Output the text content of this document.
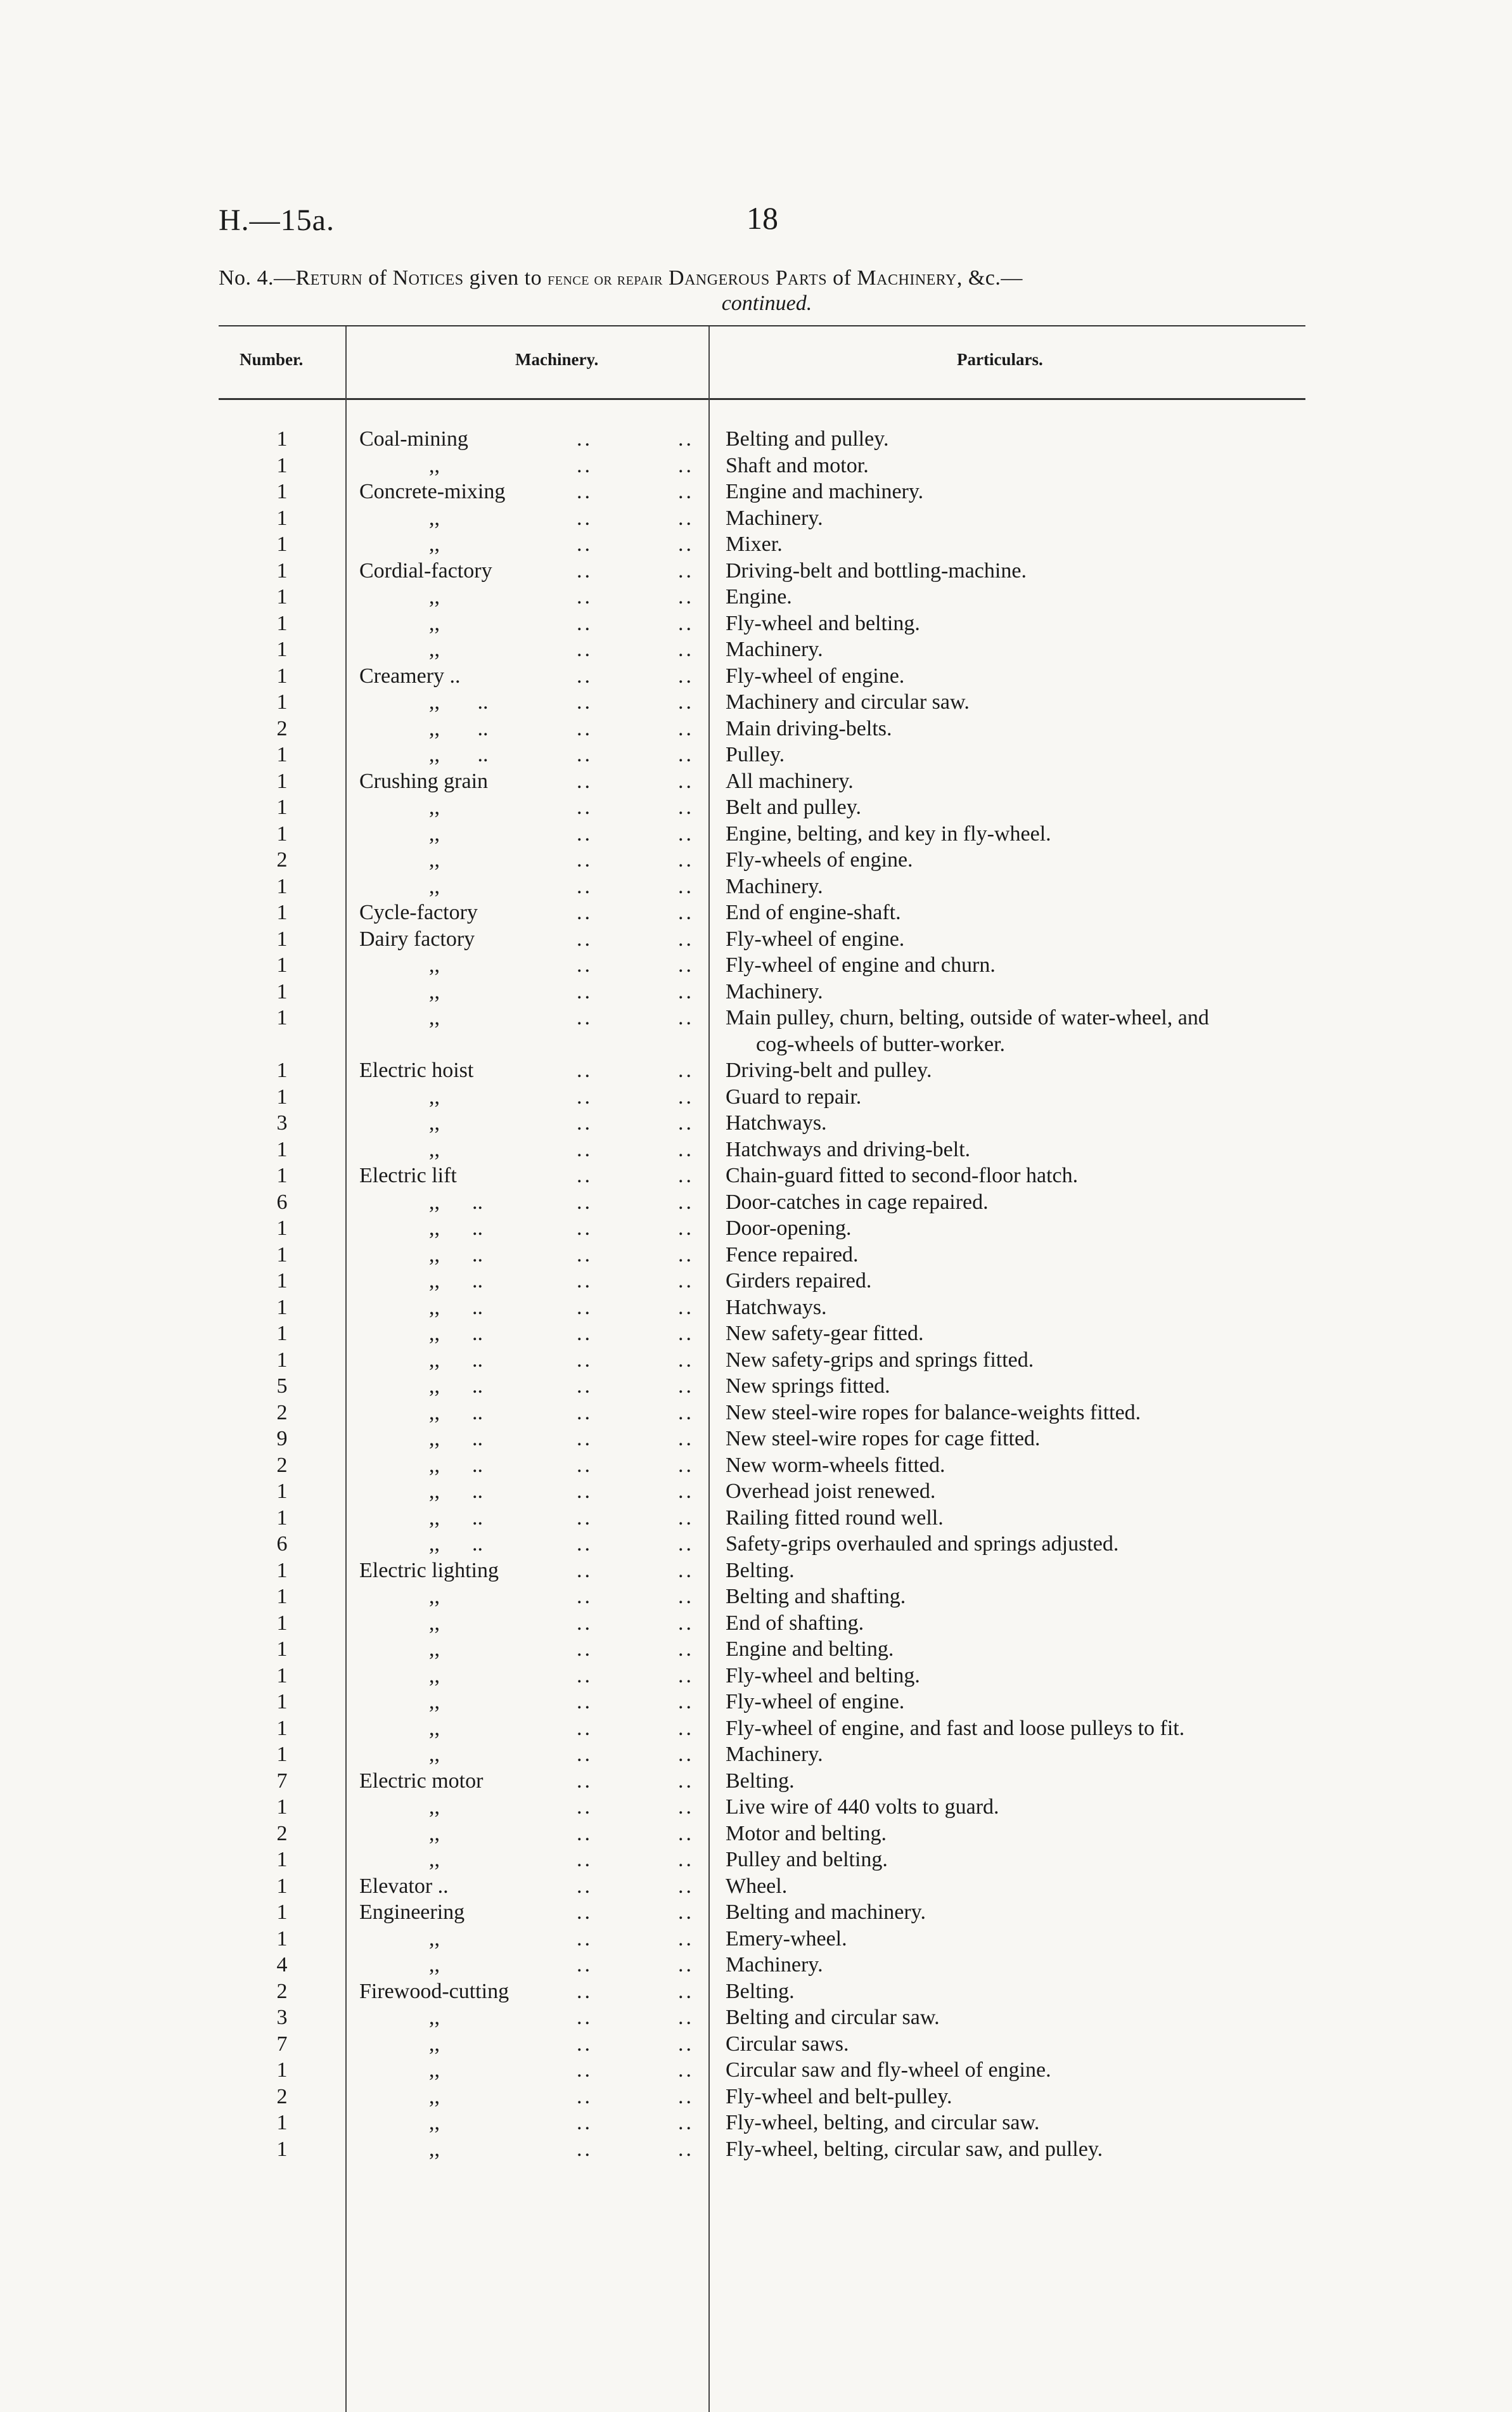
H.—15a.	18
No. 4.—Return of Notices given to fence or repair Dangerous Parts of Machinery, &c.—
continued.
Number.	Machinery.	Particulars.
1	Coal-mining	..	.. Belting and pulley.
1	,,	..	.. Shaft and motor.
1	Concrete-mixing	..	.. Engine and machinery.
1	,,	..	.. Machinery.
1	,,	..	.. Mixer.
1	Cordial-factory	..	.. Driving-belt and bottling-machine.
1	,,	..	.. Engine.
1	,,	..	.. Fly-wheel and belting.
1	,,	..	.. Machinery.
1	Creamery ..	..	.. Fly-wheel of engine.
1	,,       ..	..	.. Machinery and circular saw.
2	,,       ..	..	.. Main driving-belts.
1	,,       ..	..	.. Pulley.
1	Crushing grain	..	.. All machinery.
1	,,	..	.. Belt and pulley.
1	,,	..	.. Engine, belting, and key in fly-wheel.
2	,,	..	.. Fly-wheels of engine.
1	,,	..	.. Machinery.
1	Cycle-factory	..	.. End of engine-shaft.
1	Dairy factory	..	.. Fly-wheel of engine.
1	,,	..	.. Fly-wheel of engine and churn.
1	,,	..	.. Machinery.
1	,,	..	.. Main pulley, churn, belting, outside of water-wheel, and
cog-wheels of butter-worker.
1	Electric hoist	..	.. Driving-belt and pulley.
1	,,	..	.. Guard to repair.
3	,,	..	.. Hatchways.
1	,,	..	.. Hatchways and driving-belt.
1	Electric lift	..	.. Chain-guard fitted to second-floor hatch.
6	,,      ..	..	.. Door-catches in cage repaired.
1	,,      ..	..	.. Door-opening.
1	,,      ..	..	.. Fence repaired.
1	,,      ..	..	.. Girders repaired.
1	,,      ..	..	.. Hatchways.
1	,,      ..	..	.. New safety-gear fitted.
1	,,      ..	..	.. New safety-grips and springs fitted.
5	,,      ..	..	.. New springs fitted.
2	,,      ..	..	.. New steel-wire ropes for balance-weights fitted.
9	,,      ..	..	.. New steel-wire ropes for cage fitted.
2	,,      ..	..	.. New worm-wheels fitted.
1	,,      ..	..	.. Overhead joist renewed.
1	,,      ..	..	.. Railing fitted round well.
6	,,      ..	..	.. Safety-grips overhauled and springs adjusted.
1	Electric lighting	..	.. Belting.
1	,,	..	.. Belting and shafting.
1	,,	..	.. End of shafting.
1	,,	..	.. Engine and belting.
1	,,	..	.. Fly-wheel and belting.
1	,,	..	.. Fly-wheel of engine.
1	,,	..	.. Fly-wheel of engine, and fast and loose pulleys to fit.
1	,,	..	.. Machinery.
7	Electric motor	..	.. Belting.
1	,,	..	.. Live wire of 440 volts to guard.
2	,,	..	.. Motor and belting.
1	,,	..	.. Pulley and belting.
1	Elevator ..	..	.. Wheel.
1	Engineering	..	.. Belting and machinery.
1	,,	..	.. Emery-wheel.
4	,,	..	.. Machinery.
2	Firewood-cutting	..	.. Belting.
3	,,	..	.. Belting and circular saw.
7	,,	..	.. Circular saws.
1	,,	..	.. Circular saw and fly-wheel of engine.
2	,,	..	.. Fly-wheel and belt-pulley.
1	,,	..	.. Fly-wheel, belting, and circular saw.
1	,,	..	.. Fly-wheel, belting, circular saw, and pulley.
